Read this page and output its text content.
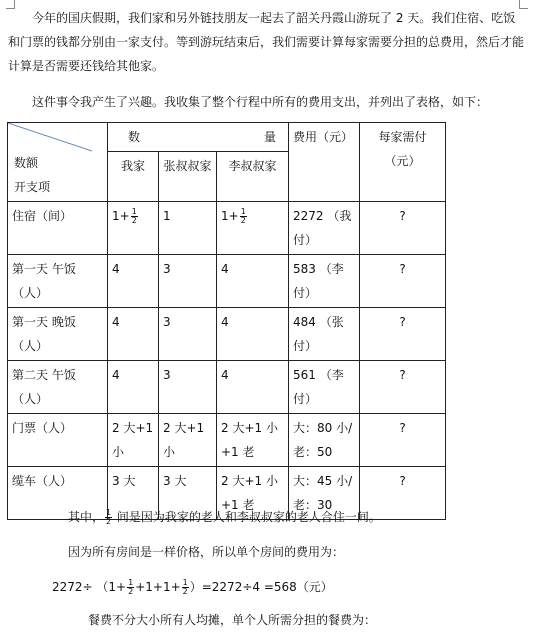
今年的国庆假期，我们家和另外链技朋友一起去了韶关丹霞山游玩了 2 天。我们住宿、吃饭和门票的钱都分别由一家支付。等到游玩结束后，我们需要计算每家需要分担的总费用，然后才能计算是否需要还钱给其他家。
这件事令我产生了兴趣。我收集了整个行程中所有的费用支出，并列出了表格，如下：
数额
开支项	数 量			费用（元）	每家需付（元）
	我家	张叔叔家	李叔叔家		
住宿（间）	$1+ \frac{1}{2}$	1	$1+ \frac{1}{2}$	2272 （我付）	?
第一天 午饭（人）	4	3	4	583 （李付）	?
第一天 晚饭（人）	4	3	4	484 （张付）	?
第二天 午饭（人）	4	3	4	561 （李付）	?
门票（人）	2 大+1 小	2 大+1 小	2 大+1 小+1 老	大：80 小/老：50	?
缆车（人）	3 大	3 大	2 大+1 小+1 老	大：45 小/老：30	?
其中， $\frac{1}{2}$ 间是因为我家的老人和李叔叔家的老人合住一间。
因为所有房间是一样价格，所以单个房间的费用为：
$2272\div (1+ \frac{1}{2} +1+1+ \frac{1}{2} )=2272\div 4 =568$（元）
餐费不分大小所有人均摊，单个人所需分担的餐费为：
